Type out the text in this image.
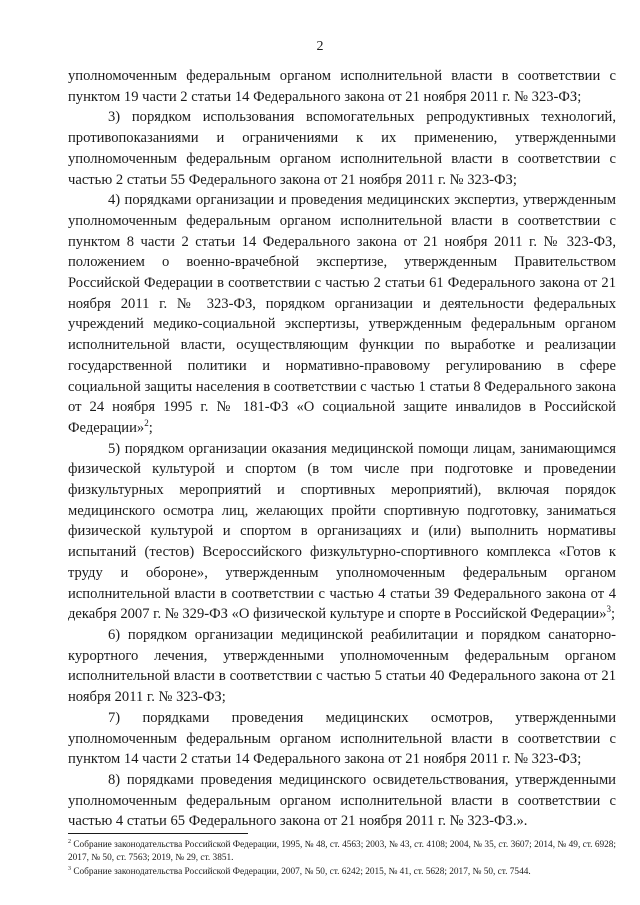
2

уполномоченным федеральным органом исполнительной власти в соответствии с пунктом 19 части 2 статьи 14 Федерального закона от 21 ноября 2011 г. № 323-ФЗ;

3) порядком использования вспомогательных репродуктивных технологий, противопоказаниями и ограничениями к их применению, утвержденными уполномоченным федеральным органом исполнительной власти в соответствии с частью 2 статьи 55 Федерального закона от 21 ноября 2011 г. № 323-ФЗ;

4) порядками организации и проведения медицинских экспертиз, утвержденным уполномоченным федеральным органом исполнительной власти в соответствии с пунктом 8 части 2 статьи 14 Федерального закона от 21 ноября 2011 г. № 323-ФЗ, положением о военно-врачебной экспертизе, утвержденным Правительством Российской Федерации в соответствии с частью 2 статьи 61 Федерального закона от 21 ноября 2011 г. № 323-ФЗ, порядком организации и деятельности федеральных учреждений медико-социальной экспертизы, утвержденным федеральным органом исполнительной власти, осуществляющим функции по выработке и реализации государственной политики и нормативно-правовому регулированию в сфере социальной защиты населения в соответствии с частью 1 статьи 8 Федерального закона от 24 ноября 1995 г. № 181-ФЗ «О социальной защите инвалидов в Российской Федерации»$^2$;

5) порядком организации оказания медицинской помощи лицам, занимающимся физической культурой и спортом (в том числе при подготовке и проведении физкультурных мероприятий и спортивных мероприятий), включая порядок медицинского осмотра лиц, желающих пройти спортивную подготовку, заниматься физической культурой и спортом в организациях и (или) выполнить нормативы испытаний (тестов) Всероссийского физкультурно-спортивного комплекса «Готов к труду и обороне», утвержденным уполномоченным федеральным органом исполнительной власти в соответствии с частью 4 статьи 39 Федерального закона от 4 декабря 2007 г. № 329-ФЗ «О физической культуре и спорте в Российской Федерации»$^3$;

6) порядком организации медицинской реабилитации и порядком санаторно-курортного лечения, утвержденными уполномоченным федеральным органом исполнительной власти в соответствии с частью 5 статьи 40 Федерального закона от 21 ноября 2011 г. № 323-ФЗ;

7) порядками проведения медицинских осмотров, утвержденными уполномоченным федеральным органом исполнительной власти в соответствии с пунктом 14 части 2 статьи 14 Федерального закона от 21 ноября 2011 г. № 323-ФЗ;

8) порядками проведения медицинского освидетельствования, утвержденными уполномоченным федеральным органом исполнительной власти в соответствии с частью 4 статьи 65 Федерального закона от 21 ноября 2011 г. № 323-ФЗ.».

$^2$ Собрание законодательства Российской Федерации, 1995, № 48, ст. 4563; 2003, № 43, ст. 4108; 2004, № 35, ст. 3607; 2014, № 49, ст. 6928; 2017, № 50, ст. 7563; 2019, № 29, ст. 3851.

$^3$ Собрание законодательства Российской Федерации, 2007, № 50, ст. 6242; 2015, № 41, ст. 5628; 2017, № 50, ст. 7544.
